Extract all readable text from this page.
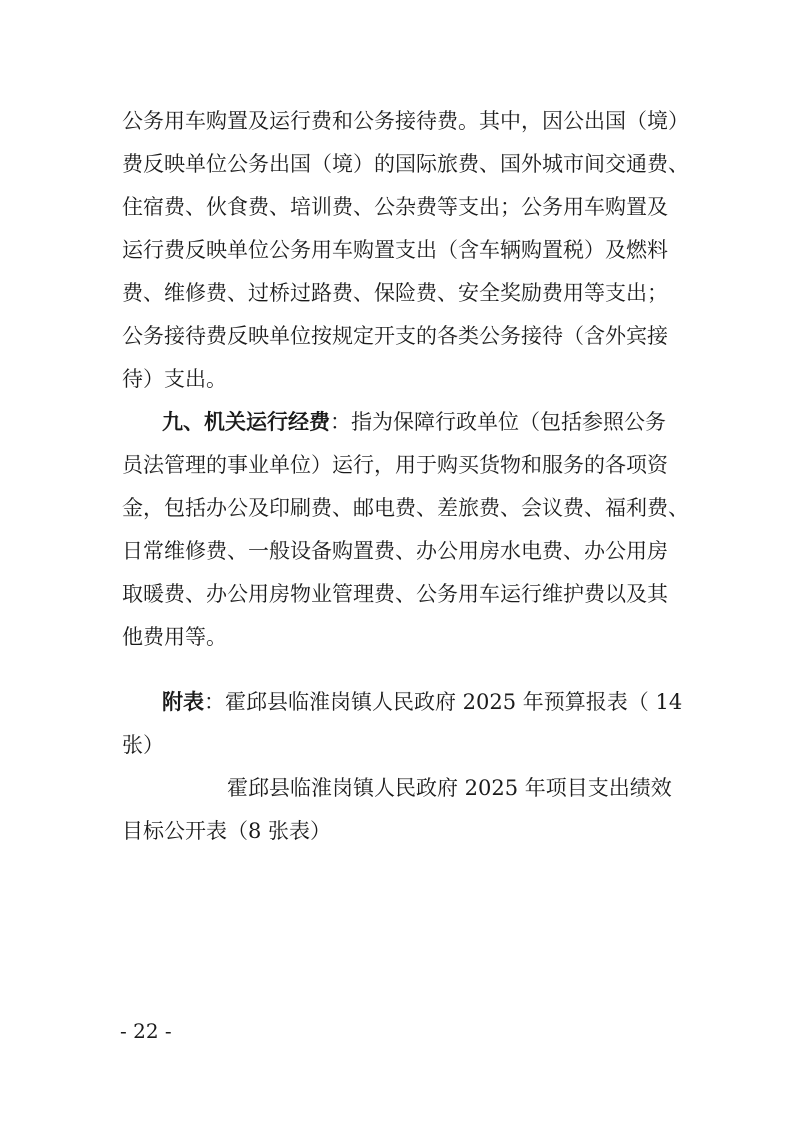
公务用车购置及运行费和公务接待费。其中，因公出国（境）
费反映单位公务出国（境）的国际旅费、国外城市间交通费、
住宿费、伙食费、培训费、公杂费等支出；公务用车购置及
运行费反映单位公务用车购置支出（含车辆购置税）及燃料
费、维修费、过桥过路费、保险费、安全奖励费用等支出；
公务接待费反映单位按规定开支的各类公务接待（含外宾接
待）支出。
九、机关运行经费：指为保障行政单位（包括参照公务
员法管理的事业单位）运行，用于购买货物和服务的各项资
金，包括办公及印刷费、邮电费、差旅费、会议费、福利费、
日常维修费、一般设备购置费、办公用房水电费、办公用房
取暖费、办公用房物业管理费、公务用车运行维护费以及其
他费用等。
附表：霍邱县临淮岗镇人民政府 2025 年预算报表（ 14
张）
霍邱县临淮岗镇人民政府 2025 年项目支出绩效
目标公开表（8 张表）
- 22 -
